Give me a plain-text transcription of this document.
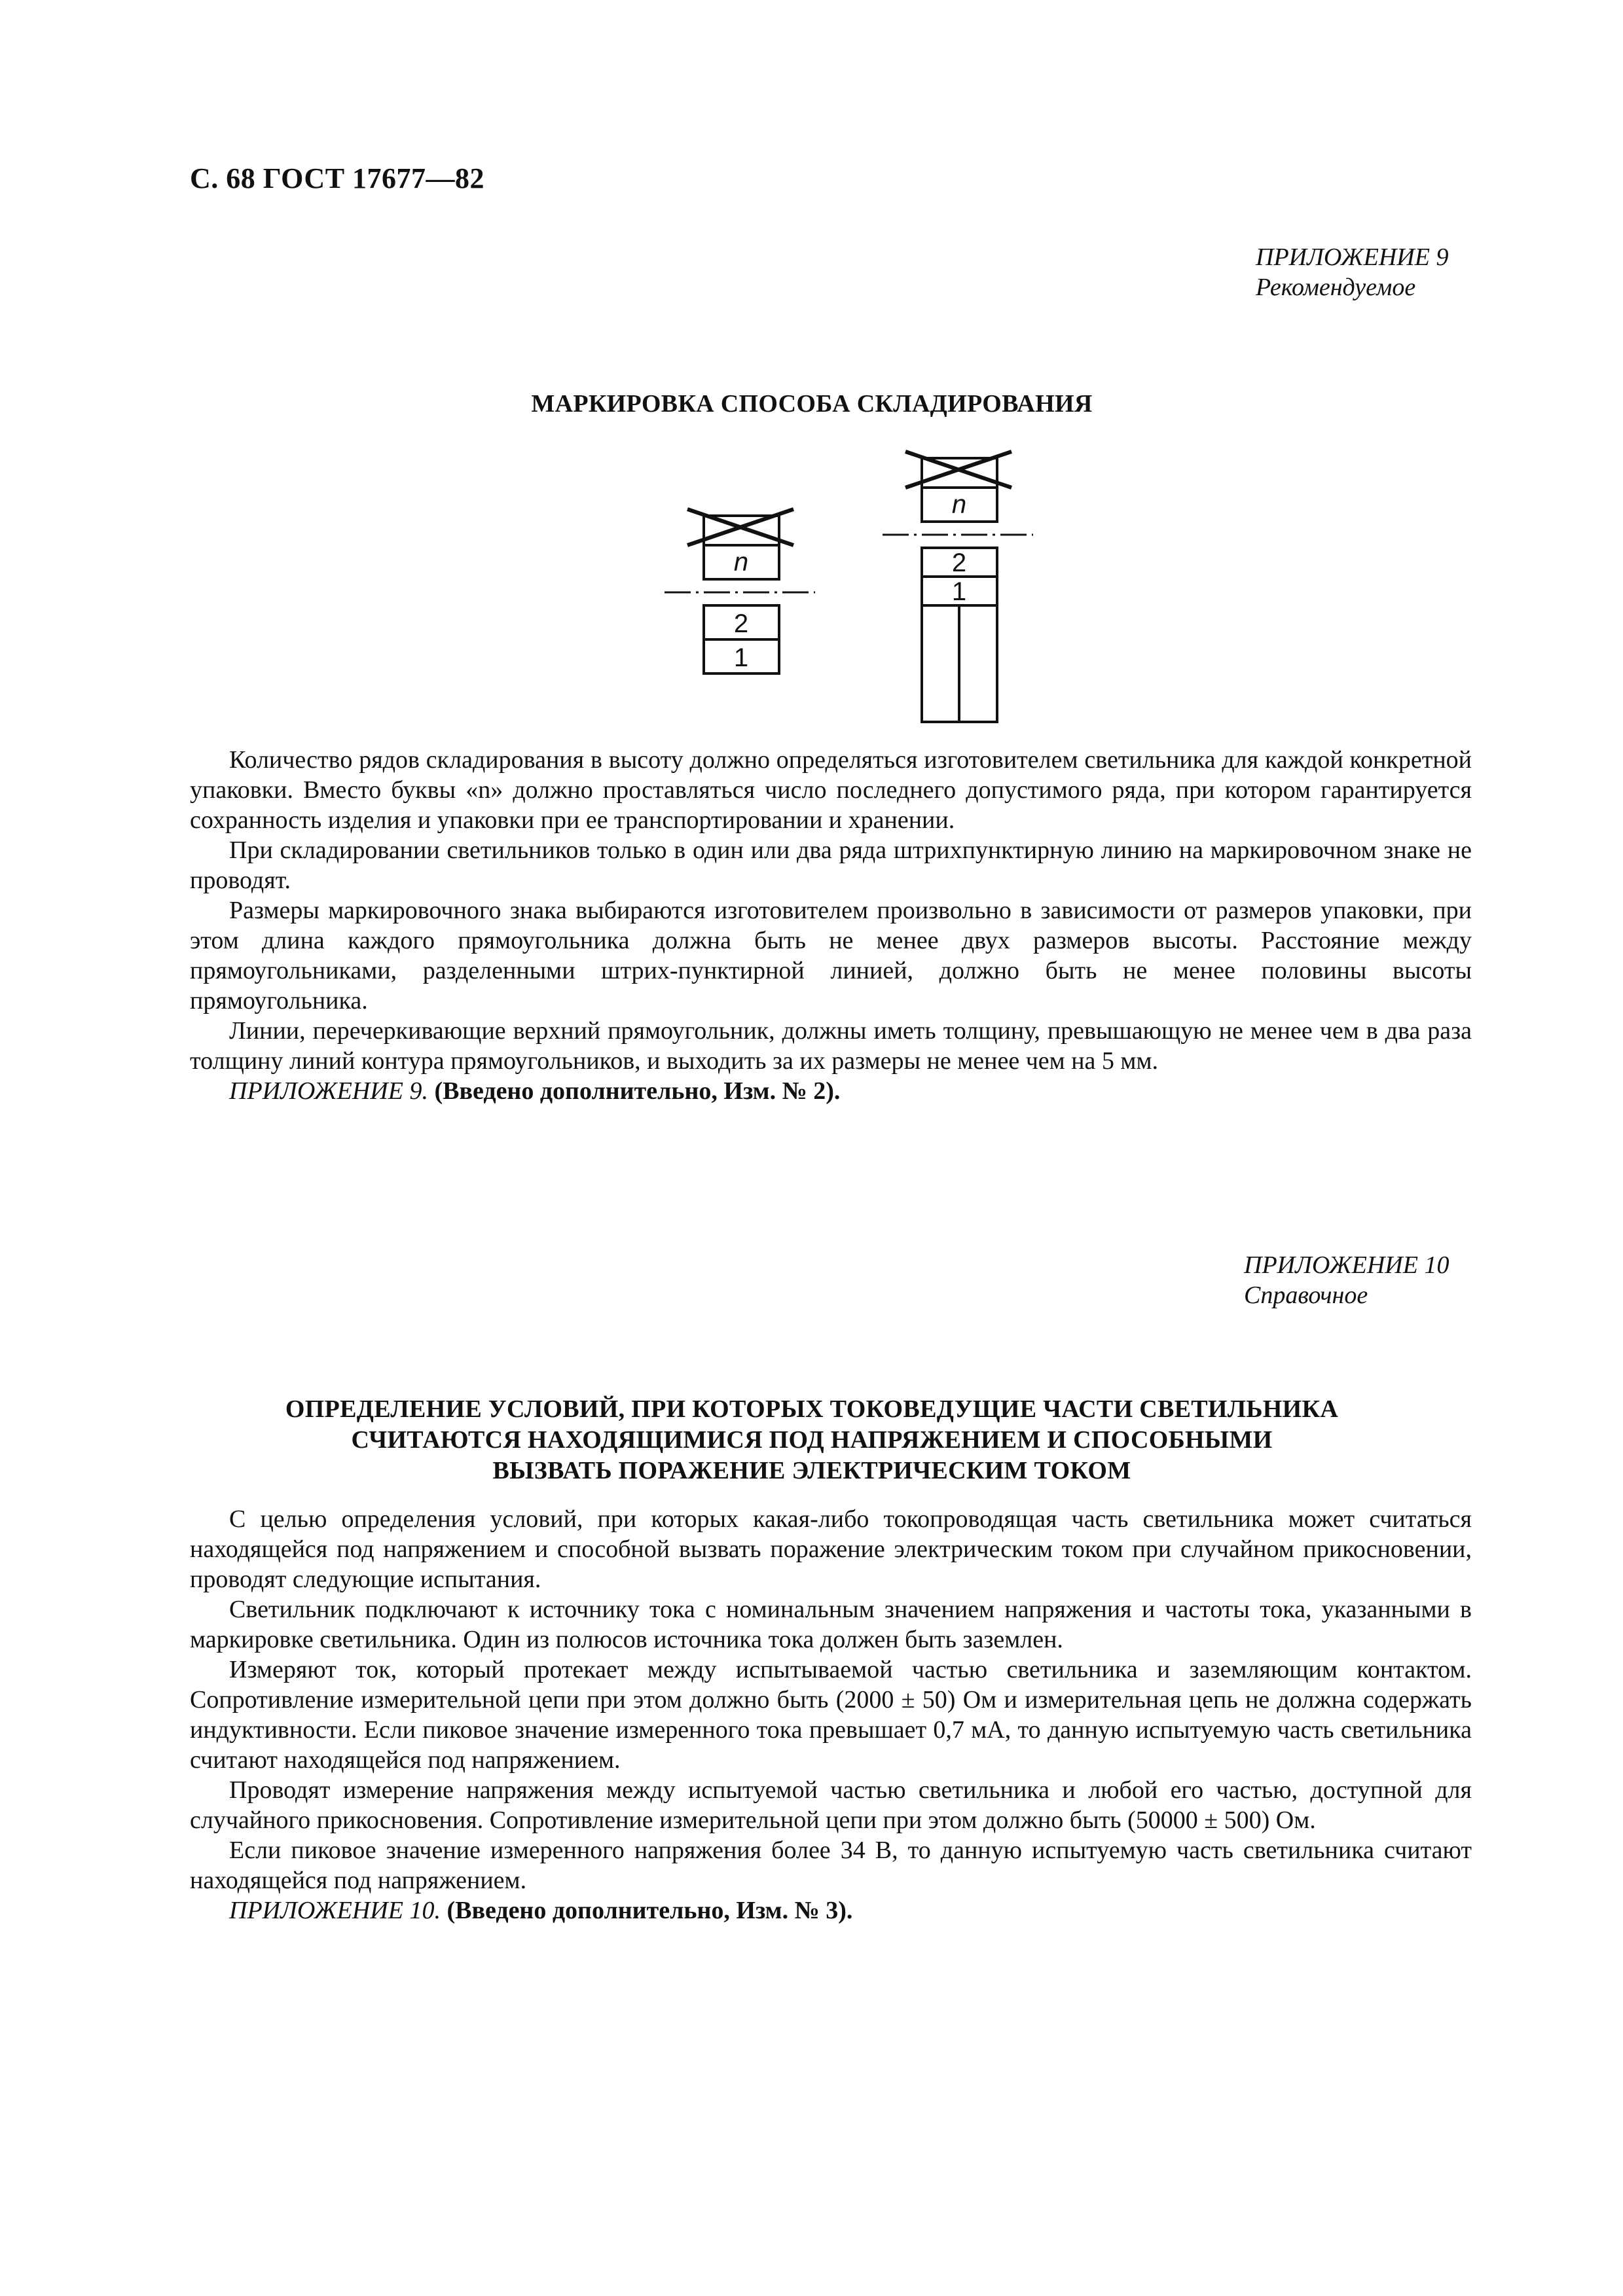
С. 68 ГОСТ 17677—82
ПРИЛОЖЕНИЕ 9
Рекомендуемое
МАРКИРОВКА СПОСОБА СКЛАДИРОВАНИЯ
n
2
1
n
2
1

Количество рядов складирования в высоту должно определяться изготовителем светильника для каждой конкретной упаковки. Вместо буквы «n» должно проставляться число последнего допустимого ряда, при котором гарантируется сохранность изделия и упаковки при ее транспортировании и хранении.

При складировании светильников только в один или два ряда штрихпунктирную линию на маркировочном знаке не проводят.

Размеры маркировочного знака выбираются изготовителем произвольно в зависимости от размеров упаковки, при этом длина каждого прямоугольника должна быть не менее двух размеров высоты. Расстояние между прямоугольниками, разделенными штрих-пунктирной линией, должно быть не менее половины высоты прямоугольника.

Линии, перечеркивающие верхний прямоугольник, должны иметь толщину, превышающую не менее чем в два раза толщину линий контура прямоугольников, и выходить за их размеры не менее чем на 5 мм.

ПРИЛОЖЕНИЕ 9. (Введено дополнительно, Изм. № 2).

ПРИЛОЖЕНИЕ 10
Справочное
ОПРЕДЕЛЕНИЕ УСЛОВИЙ, ПРИ КОТОРЫХ ТОКОВЕДУЩИЕ ЧАСТИ СВЕТИЛЬНИКА
СЧИТАЮТСЯ НАХОДЯЩИМИСЯ ПОД НАПРЯЖЕНИЕМ И СПОСОБНЫМИ
ВЫЗВАТЬ ПОРАЖЕНИЕ ЭЛЕКТРИЧЕСКИМ ТОКОМ

С целью определения условий, при которых какая-либо токопроводящая часть светильника может считаться находящейся под напряжением и способной вызвать поражение электрическим током при случайном прикосновении, проводят следующие испытания.

Светильник подключают к источнику тока с номинальным значением напряжения и частоты тока, указанными в маркировке светильника. Один из полюсов источника тока должен быть заземлен.

Измеряют ток, который протекает между испытываемой частью светильника и заземляющим контактом. Сопротивление измерительной цепи при этом должно быть (2000 ± 50) Ом и измерительная цепь не должна содержать индуктивности. Если пиковое значение измеренного тока превышает 0,7 мА, то данную испытуемую часть светильника считают находящейся под напряжением.

Проводят измерение напряжения между испытуемой частью светильника и любой его частью, доступной для случайного прикосновения. Сопротивление измерительной цепи при этом должно быть (50000 ± 500) Ом.

Если пиковое значение измеренного напряжения более 34 В, то данную испытуемую часть светильника считают находящейся под напряжением.

ПРИЛОЖЕНИЕ 10. (Введено дополнительно, Изм. № 3).
